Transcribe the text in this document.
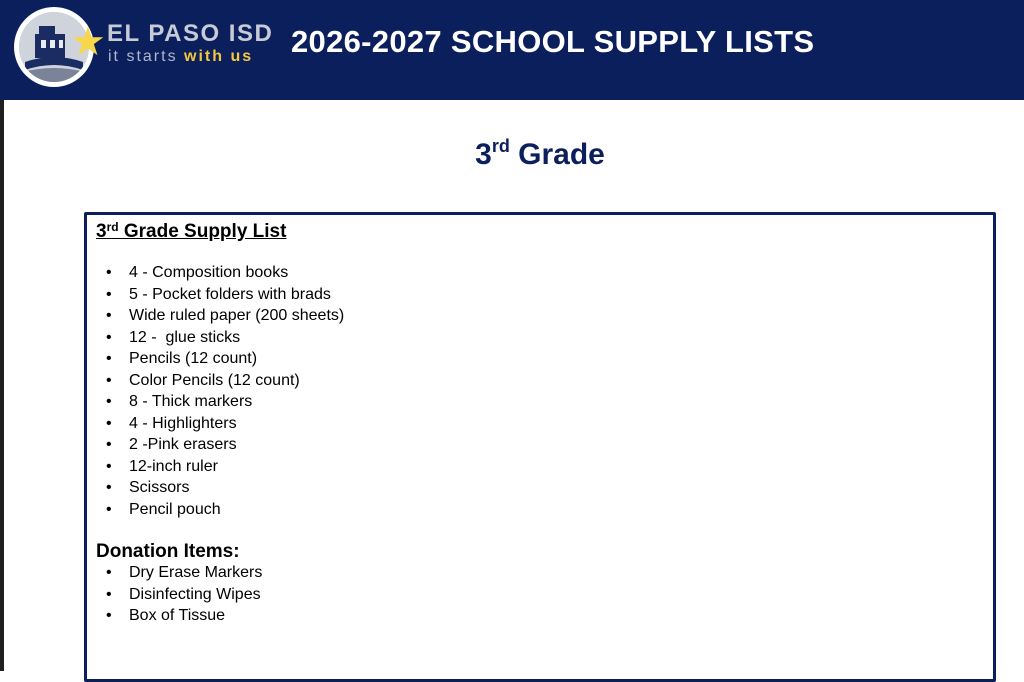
★ EL PASO ISD
it starts with us 2026-2027 SCHOOL SUPPLY LISTS
3rd Grade
3rd Grade Supply List
• 4 - Composition books
• 5 - Pocket folders with brads
• Wide ruled paper (200 sheets)
• 12 -  glue sticks
• Pencils (12 count)
• Color Pencils (12 count)
• 8 - Thick markers
• 4 - Highlighters
• 2 -Pink erasers
• 12-inch ruler
• Scissors
• Pencil pouch
Donation Items:
• Dry Erase Markers
• Disinfecting Wipes
• Box of Tissue
